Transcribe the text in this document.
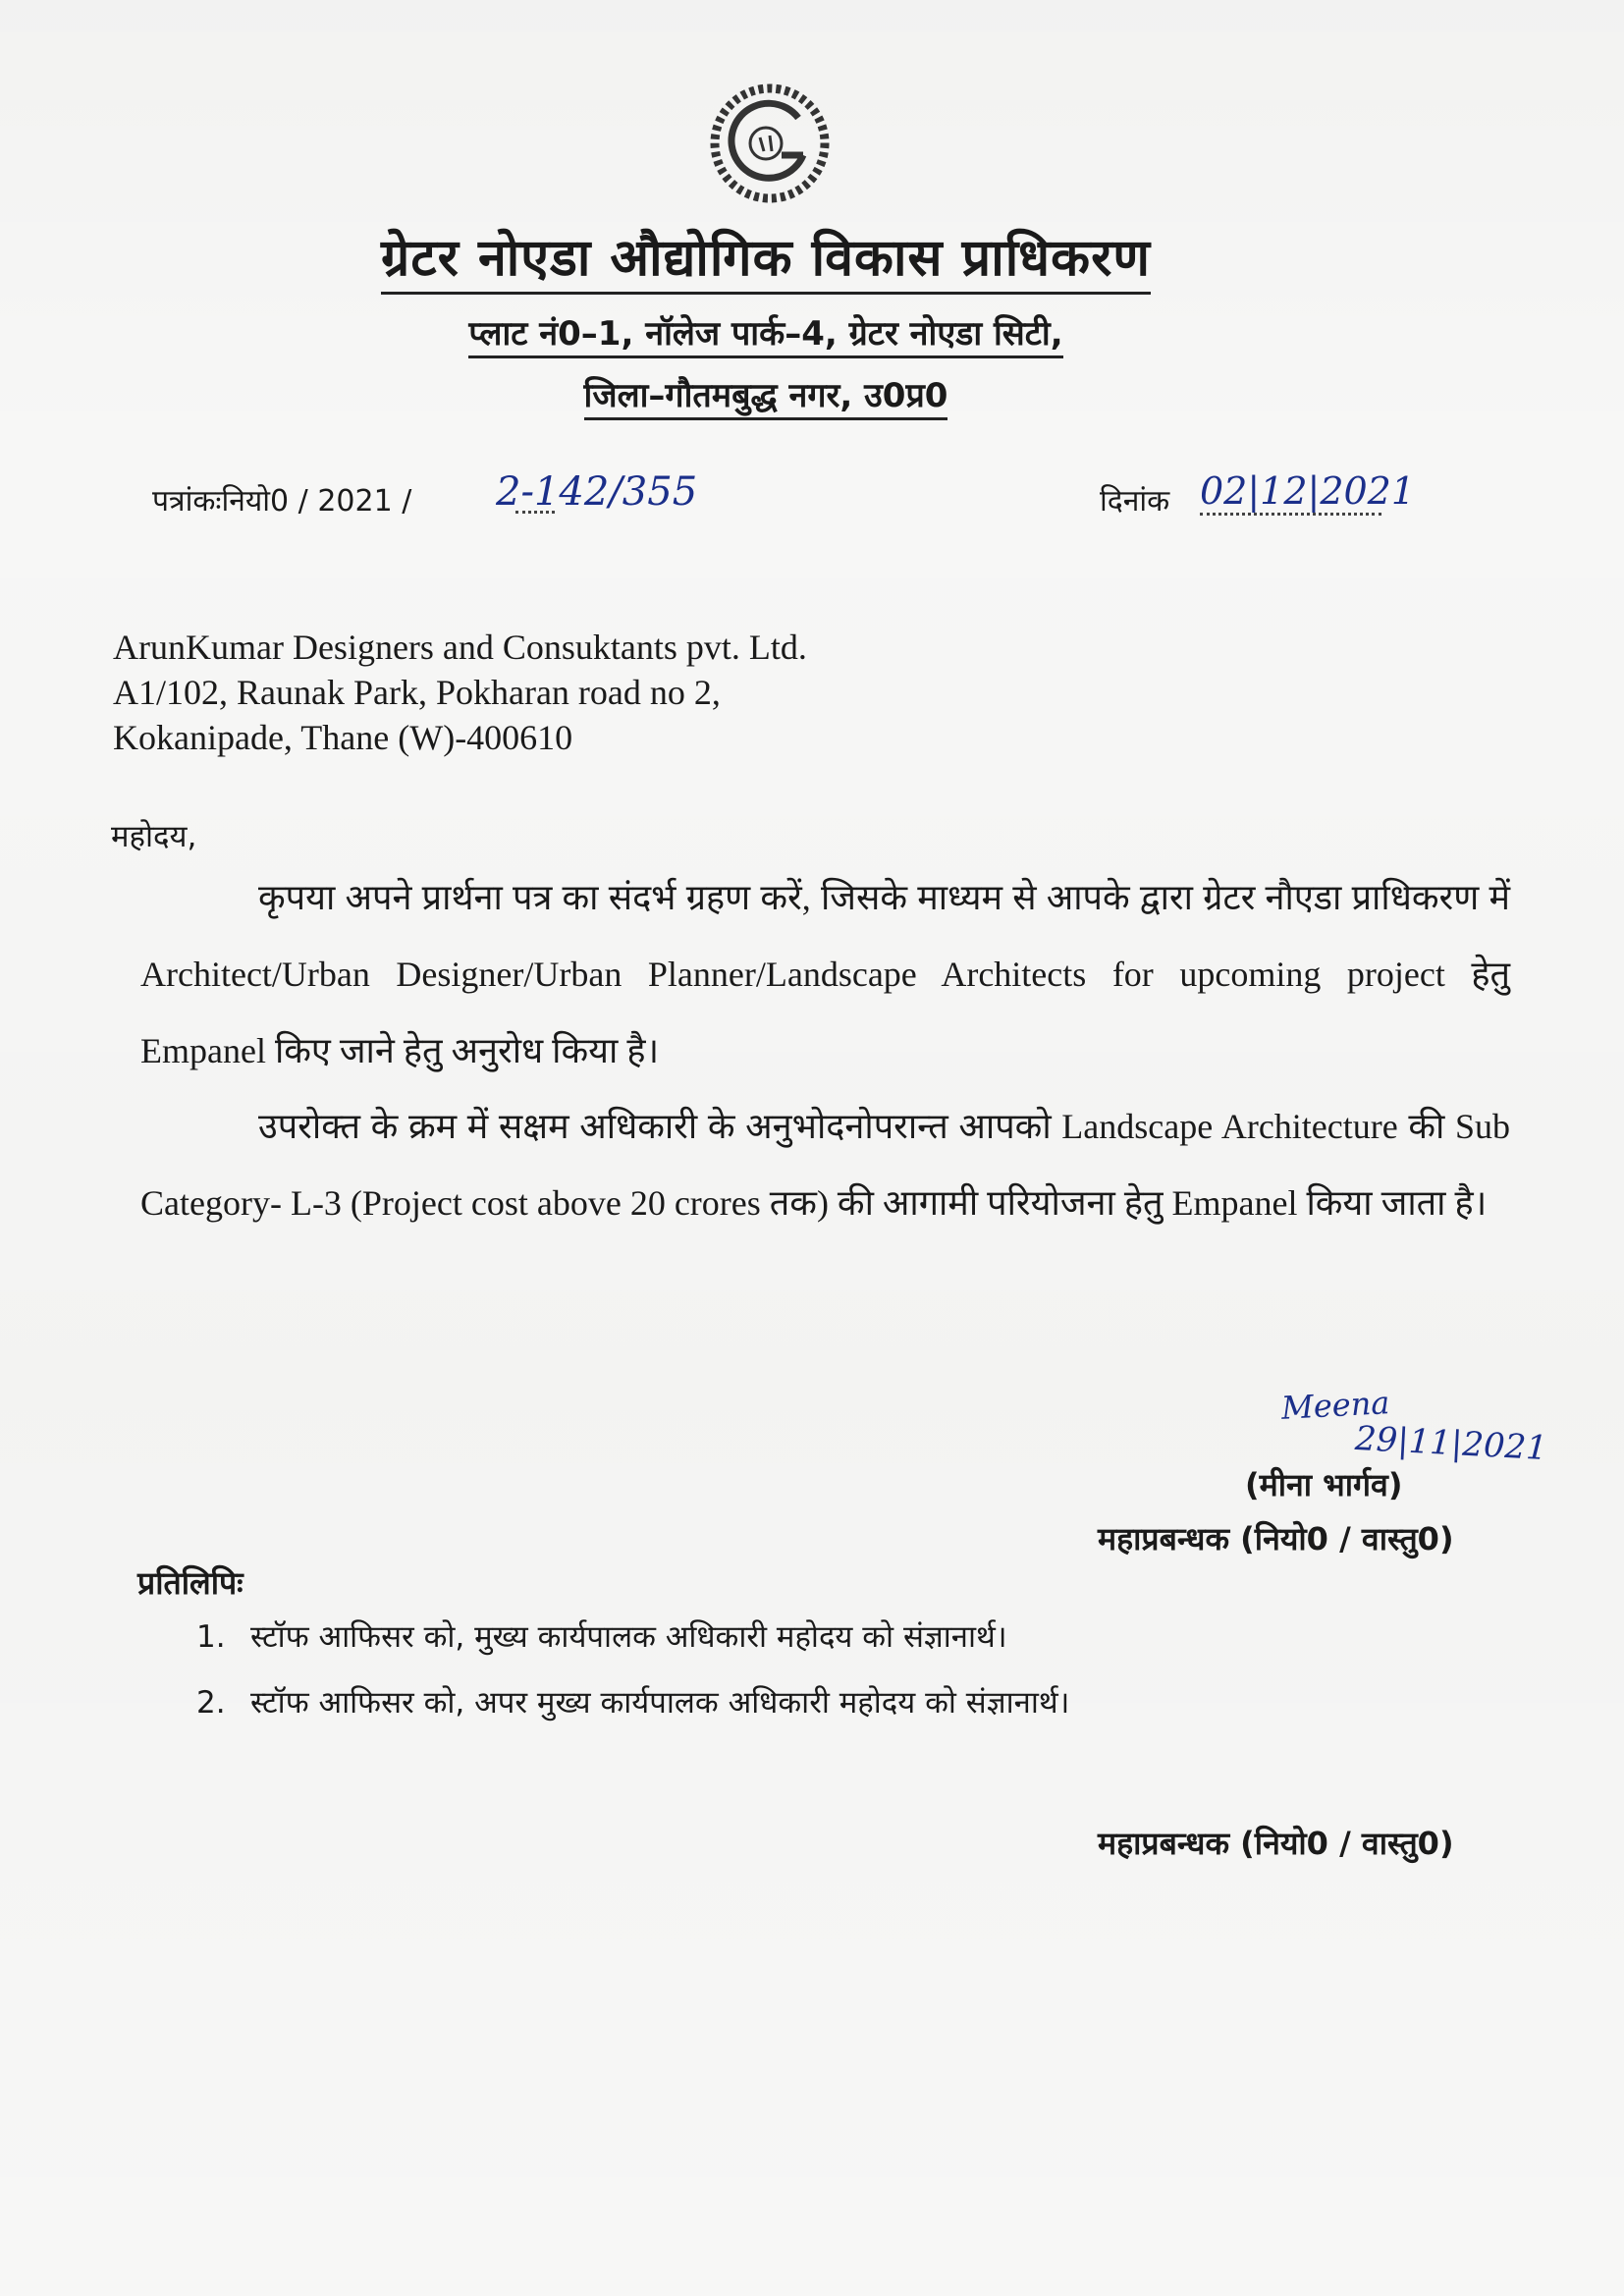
ग्रेटर नोएडा औद्योगिक विकास प्राधिकरण
प्लाट नं0–1, नॉलेज पार्क–4, ग्रेटर नोएडा सिटी,
जिला–गौतमबुद्ध नगर, उ0प्र0
पत्रांकःनियो0 / 2021 / 2-142/355	दिनांक 02|12|2021
ArunKumar Designers and Consuktants pvt. Ltd.
A1/102, Raunak Park, Pokharan road no 2,
Kokanipade, Thane (W)-400610
महोदय,
कृपया अपने प्रार्थना पत्र का संदर्भ ग्रहण करें, जिसके माध्यम से आपके द्वारा ग्रेटर नौएडा प्राधिकरण में Architect/Urban Designer/Urban Planner/Landscape Architects for upcoming project हेतु Empanel किए जाने हेतु अनुरोध किया है।
उपरोक्त के क्रम में सक्षम अधिकारी के अनुभोदनोपरान्त आपको Landscape Architecture की Sub Category- L-3 (Project cost above 20 crores तक) की आगामी परियोजना हेतु Empanel किया जाता है।
Meena
29|11|2021
(मीना भार्गव)
महाप्रबन्धक (नियो0 / वास्तु0)
प्रतिलिपिः
1. स्टॉफ आफिसर को, मुख्य कार्यपालक अधिकारी महोदय को संज्ञानार्थ।
2. स्टॉफ आफिसर को, अपर मुख्य कार्यपालक अधिकारी महोदय को संज्ञानार्थ।
महाप्रबन्धक (नियो0 / वास्तु0)
